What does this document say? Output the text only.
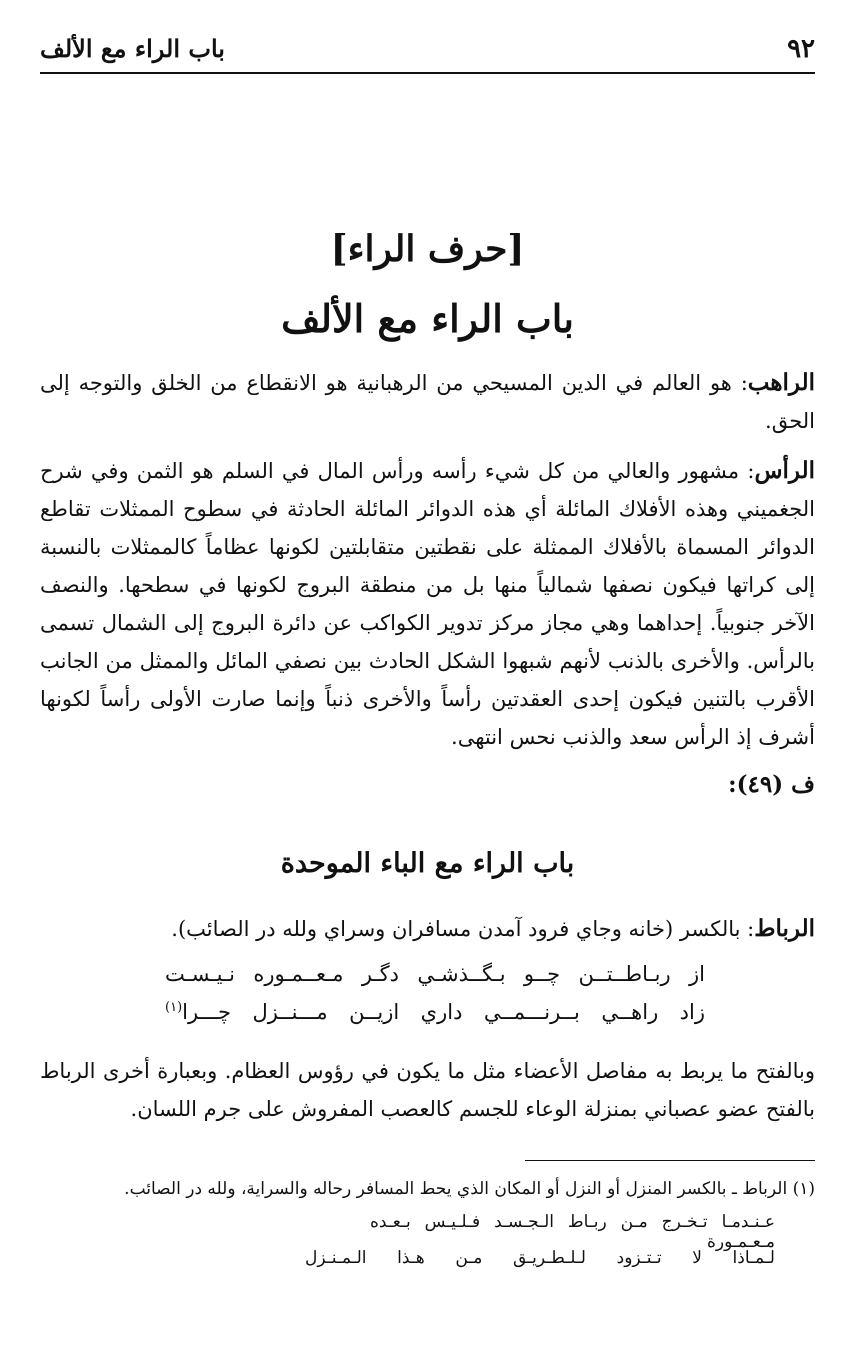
٩٢
باب الراء مع الألف
[حرف الراء]
باب الراء مع الألف

الراهب: هو العالم في الدين المسيحي من الرهبانية هو الانقطاع من الخلق والتوجه إلى الحق.

الرأس: مشهور والعالي من كل شيء رأسه ورأس المال في السلم هو الثمن وفي شرح الجغميني وهذه الأفلاك المائلة أي هذه الدوائر المائلة الحادثة في سطوح الممثلات تقاطع الدوائر المسماة بالأفلاك الممثلة على نقطتين متقابلتين لكونها عظاماً كالممثلات بالنسبة إلى كراتها فيكون نصفها شمالياً منها بل من منطقة البروج لكونها في سطحها. والنصف الآخر جنوبياً. إحداهما وهي مجاز مركز تدوير الكواكب عن دائرة البروج إلى الشمال تسمى بالرأس. والأخرى بالذنب لأنهم شبهوا الشكل الحادث بين نصفي المائل والممثل من الجانب الأقرب بالتنين فيكون إحدى العقدتين رأساً والأخرى ذنباً وإنما صارت الأولى رأساً لكونها أشرف إذ الرأس سعد والذنب نحس انتهى.

ف (٤٩):

باب الراء مع الباء الموحدة

الرباط: بالكسر (خانه وجاي فرود آمدن مسافران وسراي ولله در الصائب).

از ربـاطــتــن چــو بـگــذشـي دگـر مـعــمـوره نـيـسـت
زاد راهــي بــرنـــمــي داري ازيــن مـــنــزل چـــرا$^{(١)}$

وبالفتح ما يربط به مفاصل الأعضاء مثل ما يكون في رؤوس العظام. وبعبارة أخرى الرباط بالفتح عضو عصباني بمنزلة الوعاء للجسم كالعصب المفروش على جرم اللسان.

(١) الرباط ـ بالكسر المنزل أو النزل أو المكان الذي يحط المسافر رحاله والسراية، ولله در الصائب.

عـنـدمـا تـخـرج مـن ربـاط الـجـسـد فـلـيـس بـعـده مـعـمـورة
لـمـاذا لا تـتـزود لـلـطـريـق مـن هـذا الـمـنـزل
